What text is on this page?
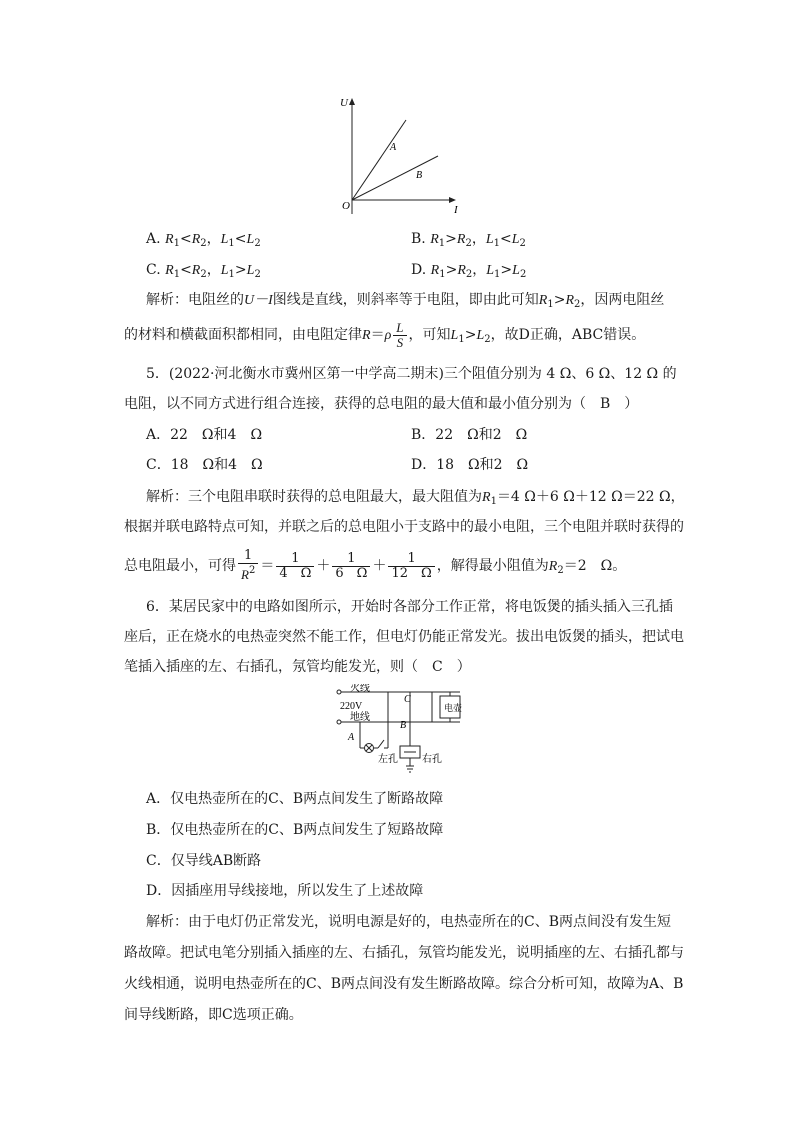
U
I
O
A
B
A. $R_1<R_2$，$L_1<L_2$	B. $R_1>R_2$，$L_1<L_2$
C. $R_1<R_2$，$L_1>L_2$	D. $R_1>R_2$，$L_1>L_2$
解析：电阻丝的U－I图线是直线，则斜率等于电阻，即由此可知$R_1>R_2$，因两电阻丝
的材料和横截面积都相同，由电阻定律$R=\rho \frac{L}{S}$ ，可知$L_1>L_2$，故D正确，ABC错误。
5．(2022·河北衡水市冀州区第一中学高二期末)三个阻值分别为 4 Ω、6 Ω、12 Ω 的
电阻，以不同方式进行组合连接，获得的总电阻的最大值和最小值分别为（　B　）
A．22　Ω和4　Ω	B．22　Ω和2　Ω
C．18　Ω和4　Ω	D．18　Ω和2　Ω
解析：三个电阻串联时获得的总电阻最大，最大阻值为$R_1=4$ Ω＋6 Ω＋12 Ω＝22 Ω，
根据并联电路特点可知，并联之后的总电阻小于支路中的最小电阻，三个电阻并联时获得的
总电阻最小，可得 $\frac{1}{R^2} = \frac{1}{4 \Omega} + \frac{1}{6 \Omega} + \frac{1}{12 \Omega}$ ，解得最小阻值为$R_2=2$　Ω。
6．某居民家中的电路如图所示，开始时各部分工作正常，将电饭煲的插头插入三孔插
座后，正在烧水的电热壶突然不能工作，但电灯仍能正常发光。拔出电饭煲的插头，把试电
笔插入插座的左、右插孔，氖管均能发光，则（　C　）
火线
220V
地线
A
B
C
电壶
左孔 右孔
A．仅电热壶所在的C、B两点间发生了断路故障
B．仅电热壶所在的C、B两点间发生了短路故障
C．仅导线AB断路
D．因插座用导线接地，所以发生了上述故障
解析：由于电灯仍正常发光，说明电源是好的，电热壶所在的C、B两点间没有发生短
路故障。把试电笔分别插入插座的左、右插孔，氖管均能发光，说明插座的左、右插孔都与
火线相通，说明电热壶所在的C、B两点间没有发生断路故障。综合分析可知，故障为A、B
间导线断路，即C选项正确。
